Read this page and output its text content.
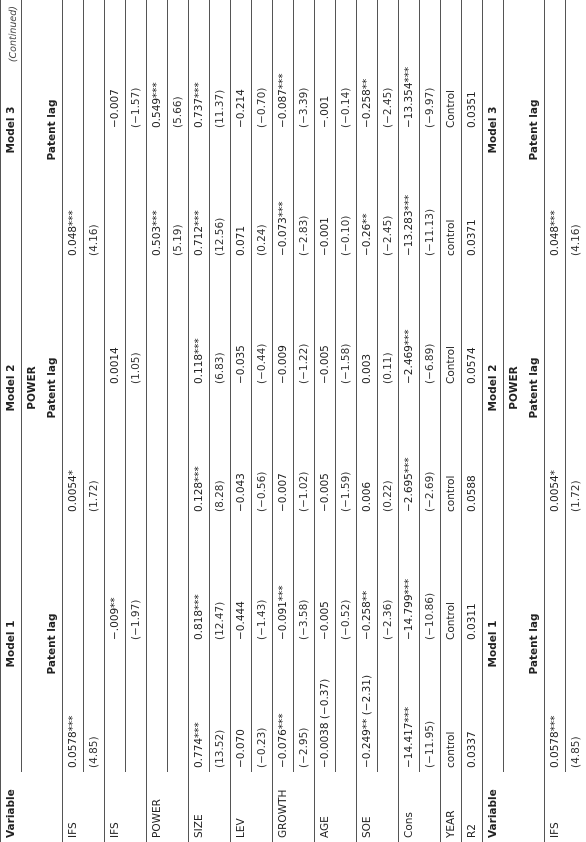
(Continued)
Variable	Model 1		Model 2		Model 3	
			POWER			
	Patent lag		Patent lag		Patent lag	
IFS	0.0578***		0.0054*		0.048***	
	(4.85)		(1.72)		(4.16)	
IFS		−.009**		0.0014		−0.007
		(−1.97)		(1.05)		(−1.57)
POWER					0.503***	0.549***
					(5.19)	(5.66)
SIZE	0.774***	0.818***	0.128***	0.118***	0.712***	0.737***
	(13.52)	(12.47)	(8.28)	(6.83)	(12.56)	(11.37)
LEV	−0.070	−0.444	−0.043	−0.035	0.071	−0.214
	(−0.23)	(−1.43)	(−0.56)	(−0.44)	(0.24)	(−0.70)
GROWTH	−0.076***	−0.091***	−0.007	−0.009	−0.073***	−0.087***
	(−2.95)	(−3.58)	(−1.02)	(−1.22)	(−2.83)	(−3.39)
AGE	−0.0038 (−0.37)	−0.005	−0.005	−0.005	−0.001	−.001
		(−0.52)	(−1.59)	(−1.58)	(−0.10)	(−0.14)
SOE	−0.249** (−2.31)	−0.258**	0.006	0.003	−0.26**	−0.258**
		(−2.36)	(0.22)	(0.11)	(−2.45)	(−2.45)
Cons	−14.417***	−14.799***	−2.695***	−2.469***	−13.283***	−13.354***
	(−11.95)	(−10.86)	(−2.69)	(−6.89)	(−11.13)	(−9.97)
YEAR	control	Control	control	Control	control	Control
R2	0.0337	0.0311	0.0588	0.0574	0.0371	0.0351
Variable	Model 1		Model 2		Model 3	
			POWER			
	Patent lag		Patent lag		Patent lag	
IFS	0.0578***		0.0054*		0.048***	
	(4.85)		(1.72)		(4.16)	
